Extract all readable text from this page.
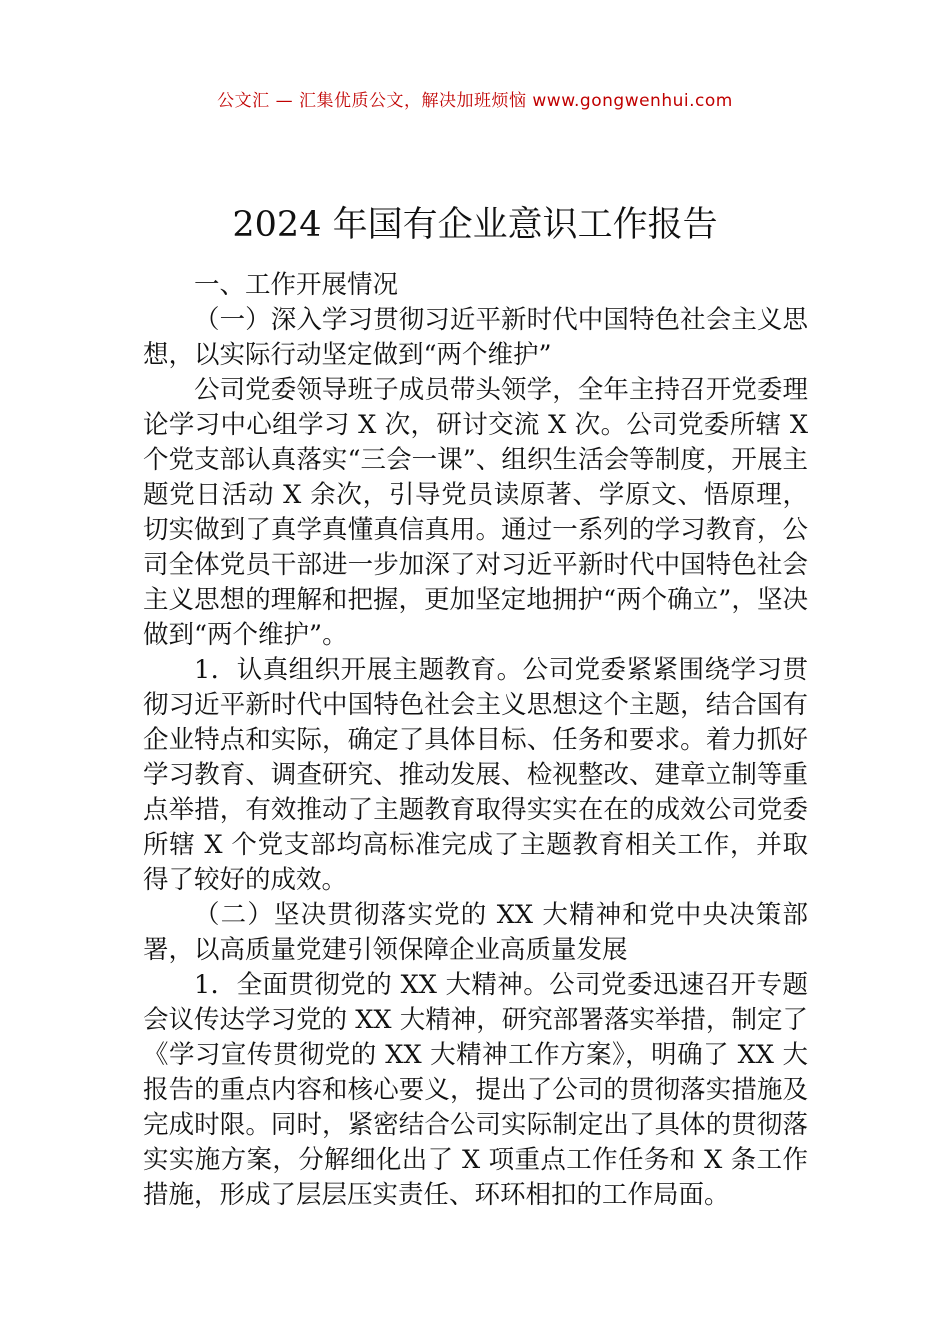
公文汇 — 汇集优质公文，解决加班烦恼 www.gongwenhui.com
2024 年国有企业意识工作报告

一、工作开展情况

（一）深入学习贯彻习近平新时代中国特色社会主义思想，以实际行动坚定做到“两个维护”

公司党委领导班子成员带头领学，全年主持召开党委理论学习中心组学习 X 次，研讨交流 X 次。公司党委所辖 X 个党支部认真落实“三会一课”、组织生活会等制度，开展主题党日活动 X 余次，引导党员读原著、学原文、悟原理，切实做到了真学真懂真信真用。通过一系列的学习教育，公司全体党员干部进一步加深了对习近平新时代中国特色社会主义思想的理解和把握，更加坚定地拥护“两个确立”，坚决做到“两个维护”。

1．认真组织开展主题教育。公司党委紧紧围绕学习贯彻习近平新时代中国特色社会主义思想这个主题，结合国有企业特点和实际，确定了具体目标、任务和要求。着力抓好学习教育、调查研究、推动发展、检视整改、建章立制等重点举措，有效推动了主题教育取得实实在在的成效公司党委所辖 X 个党支部均高标准完成了主题教育相关工作，并取得了较好的成效。

（二）坚决贯彻落实党的 XX 大精神和党中央决策部署，以高质量党建引领保障企业高质量发展

1．全面贯彻党的 XX 大精神。公司党委迅速召开专题会议传达学习党的 XX 大精神，研究部署落实举措，制定了《学习宣传贯彻党的 XX 大精神工作方案》，明确了 XX 大报告的重点内容和核心要义，提出了公司的贯彻落实措施及完成时限。同时，紧密结合公司实际制定出了具体的贯彻落实实施方案，分解细化出了 X 项重点工作任务和 X 条工作措施，形成了层层压实责任、环环相扣的工作局面。
